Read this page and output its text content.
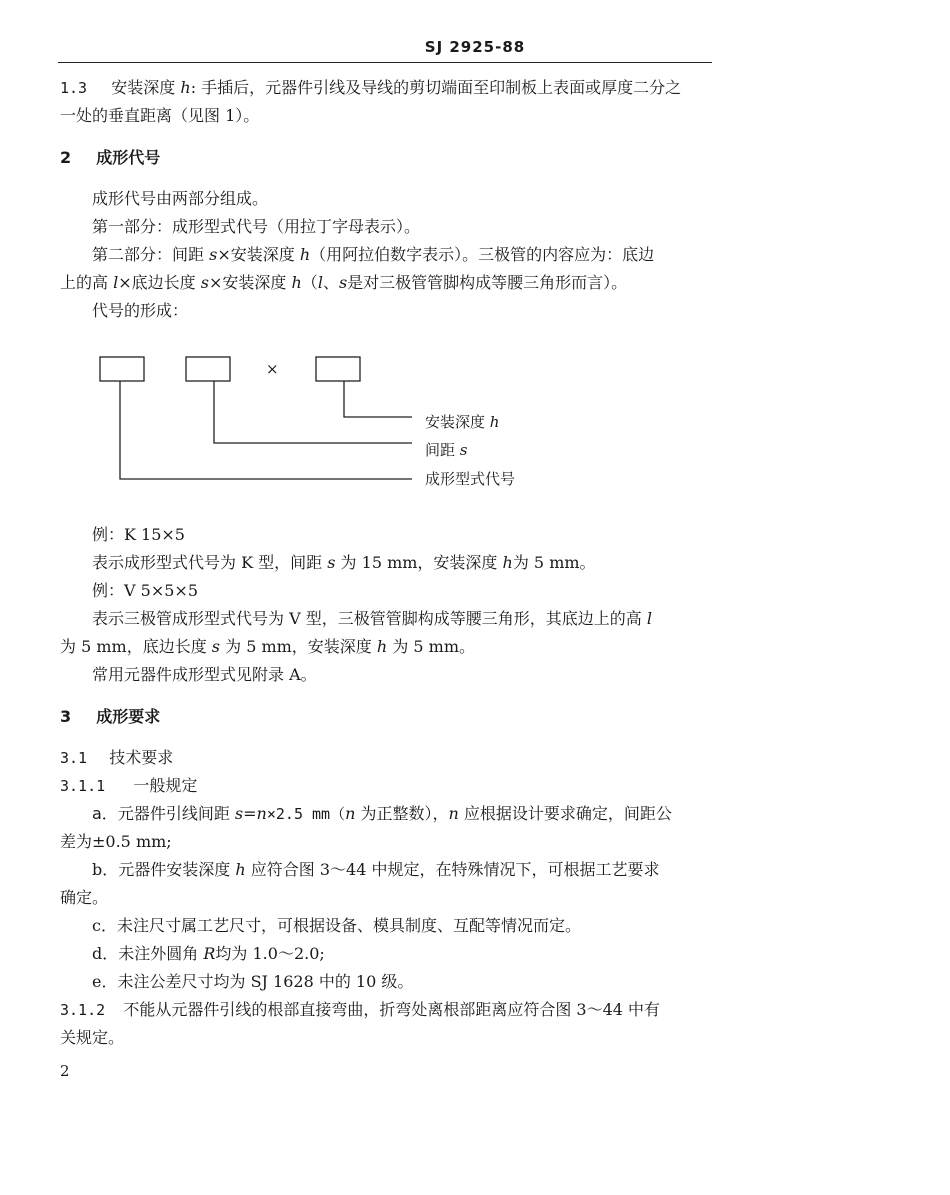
SJ 2925-88
1.3 安装深度 h: 手插后，元器件引线及导线的剪切端面至印制板上表面或厚度二分之
一处的垂直距离（见图 1）。
2 成形代号
成形代号由两部分组成。
第一部分：成形型式代号（用拉丁字母表示）。
第二部分：间距 s×安装深度 h（用阿拉伯数字表示）。三极管的内容应为：底边
上的高 l×底边长度 s×安装深度 h（l、s是对三极管管脚构成等腰三角形而言）。
代号的形成：
×
安装深度 h
间距 s
成形型式代号
例：K 15×5
表示成形型式代号为 K 型，间距 s 为 15 mm，安装深度 h为 5 mm。
例：V 5×5×5
表示三极管成形型式代号为 V 型，三极管管脚构成等腰三角形，其底边上的高 l
为 5 mm，底边长度 s 为 5 mm，安装深度 h 为 5 mm。
常用元器件成形型式见附录 A。
3 成形要求
3.1 技术要求
3.1.1 一般规定
a．元器件引线间距 s=n×2.5 mm（n 为正整数），n 应根据设计要求确定，间距公
差为±0.5 mm;
b．元器件安装深度 h 应符合图 3～44 中规定，在特殊情况下，可根据工艺要求
确定。
c．未注尺寸属工艺尺寸，可根据设备、模具制度、互配等情况而定。
d．未注外圆角 R均为 1.0～2.0;
e．未注公差尺寸均为 SJ 1628 中的 10 级。
3.1.2 不能从元器件引线的根部直接弯曲，折弯处离根部距离应符合图 3～44 中有
关规定。
2
